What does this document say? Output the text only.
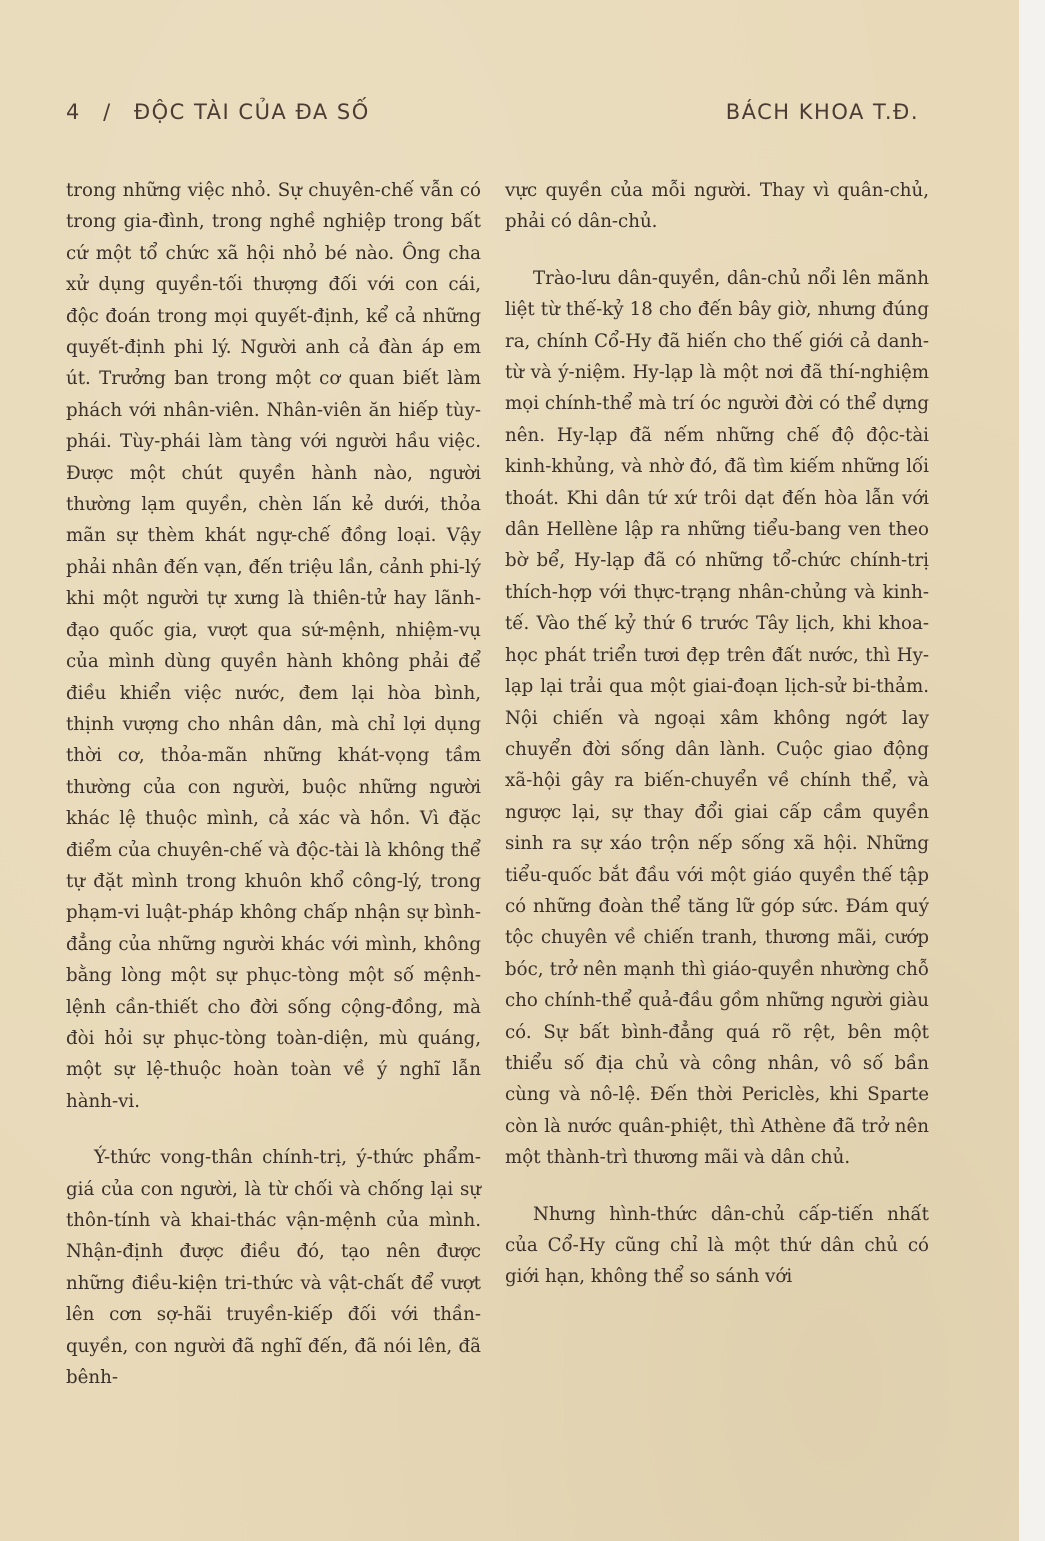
4 / ĐỘC TÀI CỦA ĐA SỐ	BÁCH KHOA T.Đ.

trong những việc nhỏ. Sự chuyên-chế vẫn có trong gia-đình, trong nghề nghiệp trong bất cứ một tổ chức xã hội nhỏ bé nào. Ông cha xử dụng quyền-tối thượng đối với con cái, độc đoán trong mọi quyết-định, kể cả những quyết-định phi lý. Người anh cả đàn áp em út. Trưởng ban trong một cơ quan biết làm phách với nhân-viên. Nhân-viên ăn hiếp tùy-phái. Tùy-phái làm tàng với người hầu việc. Được một chút quyền hành nào, người thường lạm quyền, chèn lấn kẻ dưới, thỏa mãn sự thèm khát ngự-chế đồng loại. Vậy phải nhân đến vạn, đến triệu lần, cảnh phi-lý khi một người tự xưng là thiên-tử hay lãnh-đạo quốc gia, vượt qua sứ-mệnh, nhiệm-vụ của mình dùng quyền hành không phải để điều khiển việc nước, đem lại hòa bình, thịnh vượng cho nhân dân, mà chỉ lợi dụng thời cơ, thỏa-mãn những khát-vọng tầm thường của con người, buộc những người khác lệ thuộc mình, cả xác và hồn. Vì đặc điểm của chuyên-chế và độc-tài là không thể tự đặt mình trong khuôn khổ công-lý, trong phạm-vi luật-pháp không chấp nhận sự bình-đẳng của những người khác với mình, không bằng lòng một sự phục-tòng một số mệnh-lệnh cần-thiết cho đời sống cộng-đồng, mà đòi hỏi sự phục-tòng toàn-diện, mù quáng, một sự lệ-thuộc hoàn toàn về ý nghĩ lẫn hành-vi.

Ý-thức vong-thân chính-trị, ý-thức phẩm-giá của con người, là từ chối và chống lại sự thôn-tính và khai-thác vận-mệnh của mình. Nhận-định được điều đó, tạo nên được những điều-kiện tri-thức và vật-chất để vượt lên cơn sợ-hãi truyền-kiếp đối với thần-quyền, con người đã nghĩ đến, đã nói lên, đã bênh-

vực quyền của mỗi người. Thay vì quân-chủ, phải có dân-chủ.

Trào-lưu dân-quyền, dân-chủ nổi lên mãnh liệt từ thế-kỷ 18 cho đến bây giờ, nhưng đúng ra, chính Cổ-Hy đã hiến cho thế giới cả danh-từ và ý-niệm. Hy-lạp là một nơi đã thí-nghiệm mọi chính-thể mà trí óc người đời có thể dựng nên. Hy-lạp đã nếm những chế độ độc-tài kinh-khủng, và nhờ đó, đã tìm kiếm những lối thoát. Khi dân tứ xứ trôi dạt đến hòa lẫn với dân Hellène lập ra những tiểu-bang ven theo bờ bể, Hy-lạp đã có những tổ-chức chính-trị thích-hợp với thực-trạng nhân-chủng và kinh-tế. Vào thế kỷ thứ 6 trước Tây lịch, khi khoa-học phát triển tươi đẹp trên đất nước, thì Hy-lạp lại trải qua một giai-đoạn lịch-sử bi-thảm. Nội chiến và ngoại xâm không ngớt lay chuyển đời sống dân lành. Cuộc giao động xã-hội gây ra biến-chuyển về chính thể, và ngược lại, sự thay đổi giai cấp cầm quyền sinh ra sự xáo trộn nếp sống xã hội. Những tiểu-quốc bắt đầu với một giáo quyền thế tập có những đoàn thể tăng lữ góp sức. Đám quý tộc chuyên về chiến tranh, thương mãi, cướp bóc, trở nên mạnh thì giáo-quyền nhường chỗ cho chính-thể quả-đầu gồm những người giàu có. Sự bất bình-đẳng quá rõ rệt, bên một thiểu số địa chủ và công nhân, vô số bần cùng và nô-lệ. Đến thời Periclès, khi Sparte còn là nước quân-phiệt, thì Athène đã trở nên một thành-trì thương mãi và dân chủ.

Nhưng hình-thức dân-chủ cấp-tiến nhất của Cổ-Hy cũng chỉ là một thứ dân chủ có giới hạn, không thể so sánh với
